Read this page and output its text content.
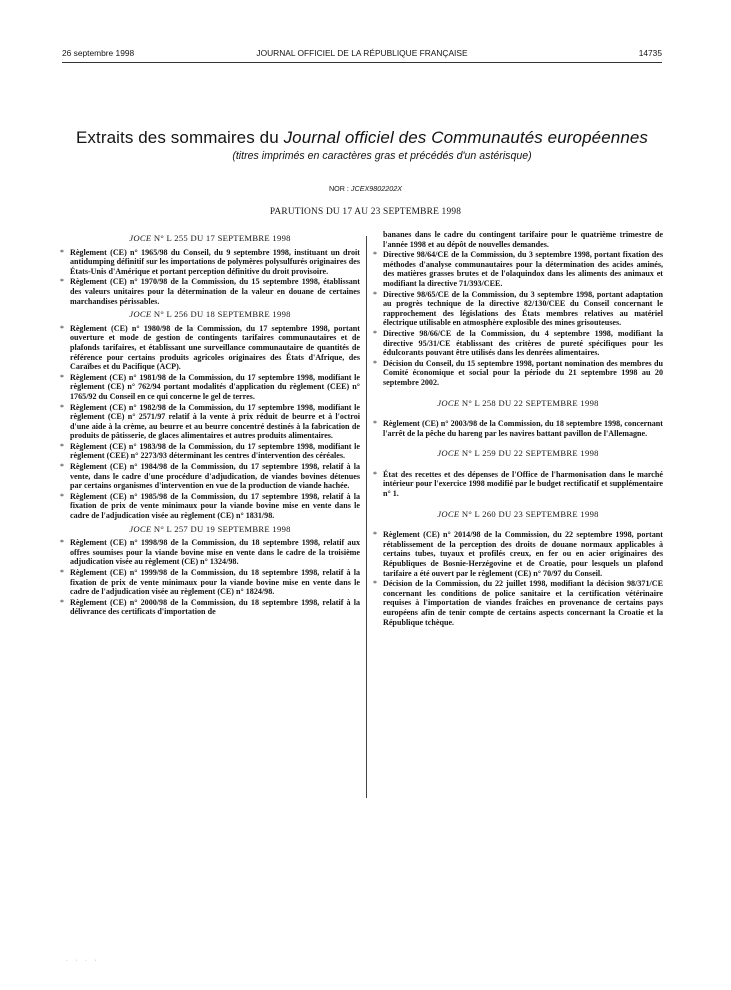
26 septembre 1998	JOURNAL OFFICIEL DE LA RÉPUBLIQUE FRANÇAISE	14735
Extraits des sommaires du Journal officiel des Communautés européennes
(titres imprimés en caractères gras et précédés d'un astérisque)
NOR : JCEX9802202X
PARUTIONS DU 17 AU 23 SEPTEMBRE 1998
JOCE N° L 255 DU 17 SEPTEMBRE 1998
* Règlement (CE) n° 1965/98 du Conseil, du 9 septembre 1998, instituant un droit antidumping définitif sur les importations de polymères polysulfurés originaires des États-Unis d'Amérique et portant perception définitive du droit provisoire.
* Règlement (CE) n° 1970/98 de la Commission, du 15 septembre 1998, établissant des valeurs unitaires pour la détermination de la valeur en douane de certaines marchandises périssables.
JOCE N° L 256 DU 18 SEPTEMBRE 1998
* Règlement (CE) n° 1980/98 de la Commission, du 17 septembre 1998, portant ouverture et mode de gestion de contingents tarifaires communautaires et de plafonds tarifaires, et établissant une surveillance communautaire de quantités de référence pour certains produits agricoles originaires des États d'Afrique, des Caraïbes et du Pacifique (ACP).
* Règlement (CE) n° 1981/98 de la Commission, du 17 septembre 1998, modifiant le règlement (CE) n° 762/94 portant modalités d'application du règlement (CEE) n° 1765/92 du Conseil en ce qui concerne le gel de terres.
* Règlement (CE) n° 1982/98 de la Commission, du 17 septembre 1998, modifiant le règlement (CE) n° 2571/97 relatif à la vente à prix réduit de beurre et à l'octroi d'une aide à la crème, au beurre et au beurre concentré destinés à la fabrication de produits de pâtisserie, de glaces alimentaires et autres produits alimentaires.
* Règlement (CE) n° 1983/98 de la Commission, du 17 septembre 1998, modifiant le règlement (CEE) n° 2273/93 déterminant les centres d'intervention des céréales.
* Règlement (CE) n° 1984/98 de la Commission, du 17 septembre 1998, relatif à la vente, dans le cadre d'une procédure d'adjudication, de viandes bovines détenues par certains organismes d'intervention en vue de la production de viande hachée.
* Règlement (CE) n° 1985/98 de la Commission, du 17 septembre 1998, relatif à la fixation de prix de vente minimaux pour la viande bovine mise en vente dans le cadre de l'adjudication visée au règlement (CE) n° 1831/98.
JOCE N° L 257 DU 19 SEPTEMBRE 1998
* Règlement (CE) n° 1998/98 de la Commission, du 18 septembre 1998, relatif aux offres soumises pour la viande bovine mise en vente dans le cadre de la troisième adjudication visée au règlement (CE) n° 1324/98.
* Règlement (CE) n° 1999/98 de la Commission, du 18 septembre 1998, relatif à la fixation de prix de vente minimaux pour la viande bovine mise en vente dans le cadre de l'adjudication visée au règlement (CE) n° 1824/98.
* Règlement (CE) n° 2000/98 de la Commission, du 18 septembre 1998, relatif à la délivrance des certificats d'importation de
bananes dans le cadre du contingent tarifaire pour le quatrième trimestre de l'année 1998 et au dépôt de nouvelles demandes.
* Directive 98/64/CE de la Commission, du 3 septembre 1998, portant fixation des méthodes d'analyse communautaires pour la détermination des acides aminés, des matières grasses brutes et de l'olaquindox dans les aliments des animaux et modifiant la directive 71/393/CEE.
* Directive 98/65/CE de la Commission, du 3 septembre 1998, portant adaptation au progrès technique de la directive 82/130/CEE du Conseil concernant le rapprochement des législations des États membres relatives au matériel électrique utilisable en atmosphère explosible des mines grisouteuses.
* Directive 98/66/CE de la Commission, du 4 septembre 1998, modifiant la directive 95/31/CE établissant des critères de pureté spécifiques pour les édulcorants pouvant être utilisés dans les denrées alimentaires.
* Décision du Conseil, du 15 septembre 1998, portant nomination des membres du Comité économique et social pour la période du 21 septembre 1998 au 20 septembre 2002.
JOCE N° L 258 DU 22 SEPTEMBRE 1998
* Règlement (CE) n° 2003/98 de la Commission, du 18 septembre 1998, concernant l'arrêt de la pêche du hareng par les navires battant pavillon de l'Allemagne.
JOCE N° L 259 DU 22 SEPTEMBRE 1998
* État des recettes et des dépenses de l'Office de l'harmonisation dans le marché intérieur pour l'exercice 1998 modifié par le budget rectificatif et supplémentaire n° 1.
JOCE N° L 260 DU 23 SEPTEMBRE 1998
* Règlement (CE) n° 2014/98 de la Commission, du 22 septembre 1998, portant rétablissement de la perception des droits de douane normaux applicables à certains tubes, tuyaux et profilés creux, en fer ou en acier originaires des Républiques de Bosnie-Herzégovine et de Croatie, pour lesquels un plafond tarifaire a été ouvert par le règlement (CE) n° 70/97 du Conseil.
* Décision de la Commission, du 22 juillet 1998, modifiant la décision 98/371/CE concernant les conditions de police sanitaire et la certification vétérinaire requises à l'importation de viandes fraîches en provenance de certains pays européens afin de tenir compte de certains aspects concernant la Croatie et la République tchèque.
· · · ·
